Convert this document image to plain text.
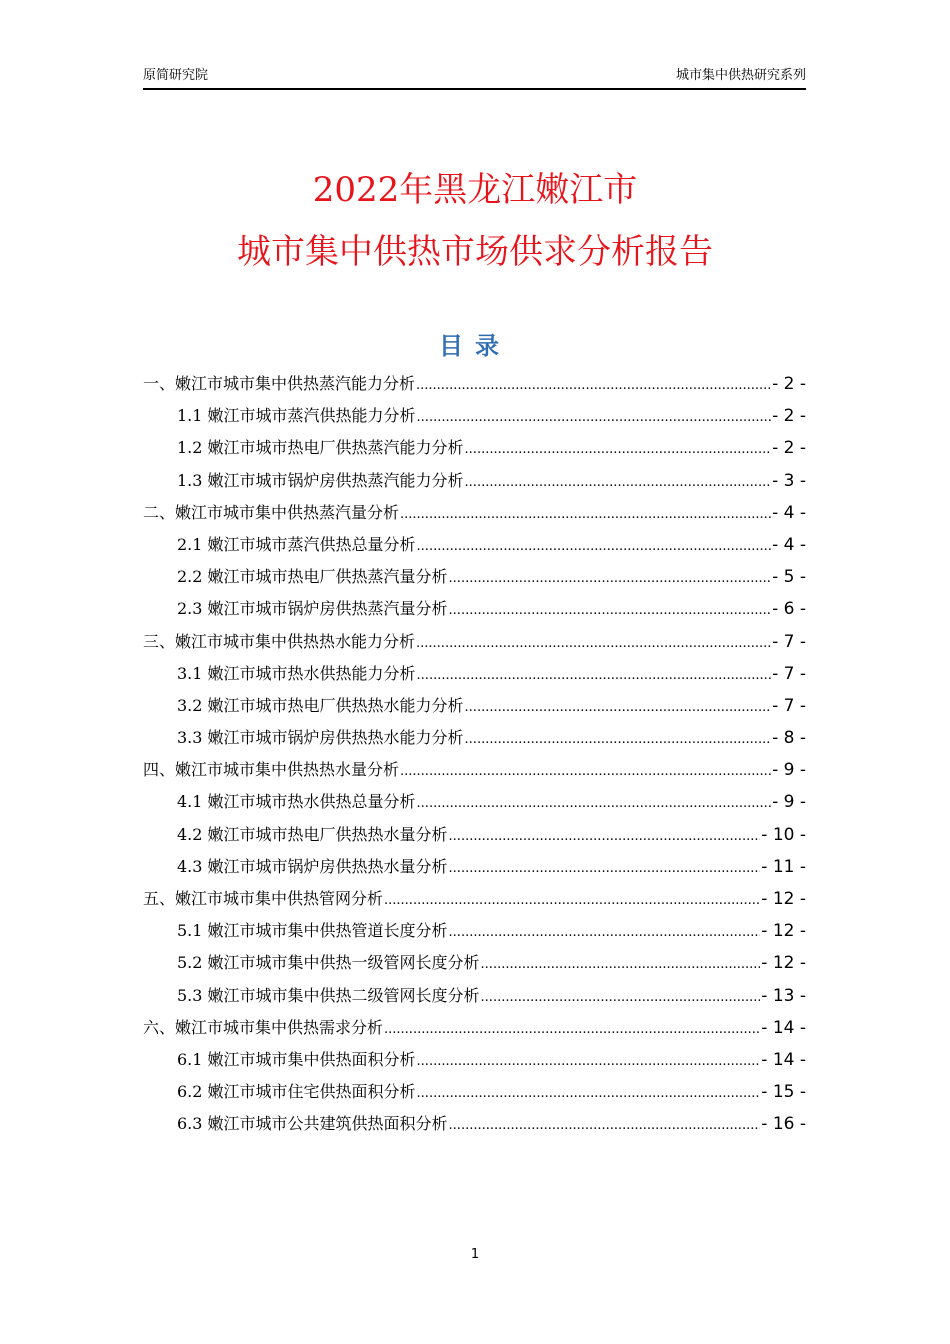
原简研究院	城市集中供热研究系列
2022年黑龙江嫩江市
城市集中供热市场供求分析报告
目录
一、嫩江市城市集中供热蒸汽能力分析 .....	- 2 -
1.1 嫩江市城市蒸汽供热能力分析 .....	- 2 -
1.2 嫩江市城市热电厂供热蒸汽能力分析 .....	- 2 -
1.3 嫩江市城市锅炉房供热蒸汽能力分析 .....	- 3 -
二、嫩江市城市集中供热蒸汽量分析 .....	- 4 -
2.1 嫩江市城市蒸汽供热总量分析 .....	- 4 -
2.2 嫩江市城市热电厂供热蒸汽量分析 .....	- 5 -
2.3 嫩江市城市锅炉房供热蒸汽量分析 .....	- 6 -
三、嫩江市城市集中供热热水能力分析 .....	- 7 -
3.1 嫩江市城市热水供热能力分析 .....	- 7 -
3.2 嫩江市城市热电厂供热热水能力分析 .....	- 7 -
3.3 嫩江市城市锅炉房供热热水能力分析 .....	- 8 -
四、嫩江市城市集中供热热水量分析 .....	- 9 -
4.1 嫩江市城市热水供热总量分析 .....	- 9 -
4.2 嫩江市城市热电厂供热热水量分析 .....	- 10 -
4.3 嫩江市城市锅炉房供热热水量分析 .....	- 11 -
五、嫩江市城市集中供热管网分析 .....	- 12 -
5.1 嫩江市城市集中供热管道长度分析 .....	- 12 -
5.2 嫩江市城市集中供热一级管网长度分析 .....	- 12 -
5.3 嫩江市城市集中供热二级管网长度分析 .....	- 13 -
六、嫩江市城市集中供热需求分析 .....	- 14 -
6.1 嫩江市城市集中供热面积分析 .....	- 14 -
6.2 嫩江市城市住宅供热面积分析 .....	- 15 -
6.3 嫩江市城市公共建筑供热面积分析 .....	- 16 -
1
